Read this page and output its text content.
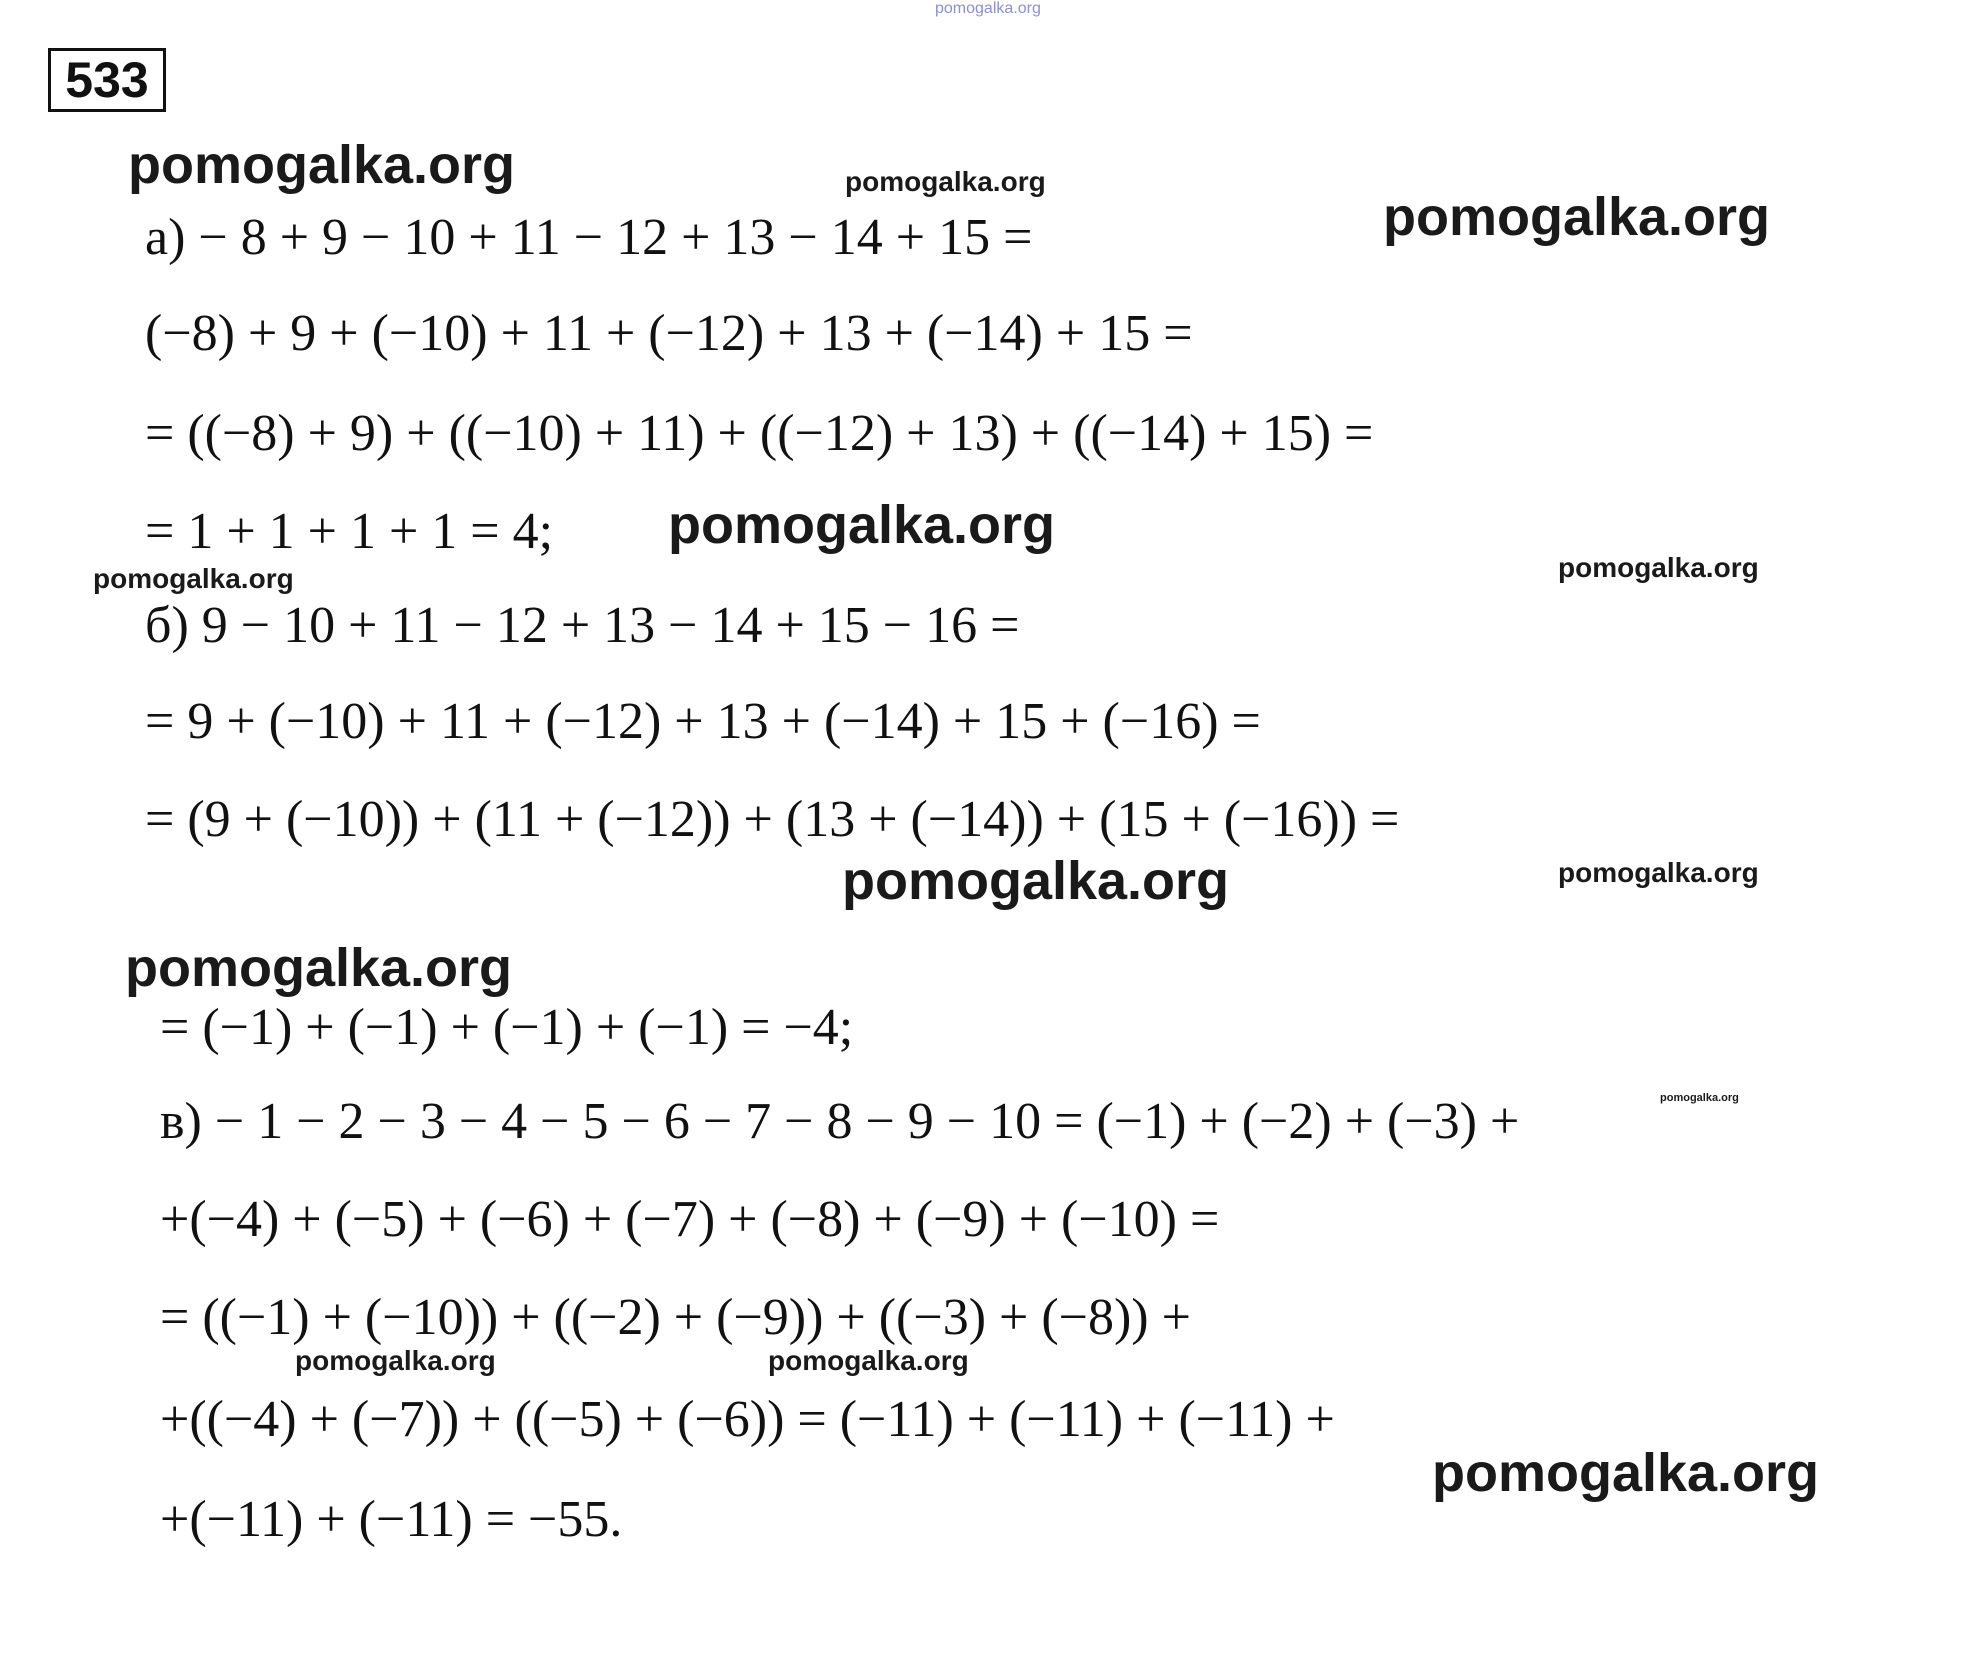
pomogalka.org
533
pomogalka.org	pomogalka.org
pomogalka.org
а) − 8 + 9 − 10 + 11 − 12 + 13 − 14 + 15 =
(−8) + 9 + (−10) + 11 + (−12) + 13 + (−14) + 15 =
= ((−8) + 9) + ((−10) + 11) + ((−12) + 13) + ((−14) + 15) =
= 1 + 1 + 1 + 1 = 4; pomogalka.org
pomogalka.org	pomogalka.org
б) 9 − 10 + 11 − 12 + 13 − 14 + 15 − 16 =
= 9 + (−10) + 11 + (−12) + 13 + (−14) + 15 + (−16) =
= (9 + (−10)) + (11 + (−12)) + (13 + (−14)) + (15 + (−16)) =
pomogalka.org	pomogalka.org
pomogalka.org
= (−1) + (−1) + (−1) + (−1) = −4;
pomogalka.org
в) − 1 − 2 − 3 − 4 − 5 − 6 − 7 − 8 − 9 − 10 = (−1) + (−2) + (−3) +
+(−4) + (−5) + (−6) + (−7) + (−8) + (−9) + (−10) =
= ((−1) + (−10)) + ((−2) + (−9)) + ((−3) + (−8)) +
pomogalka.org	pomogalka.org
+((−4) + (−7)) + ((−5) + (−6)) = (−11) + (−11) + (−11) +
pomogalka.org
+(−11) + (−11) = −55.
